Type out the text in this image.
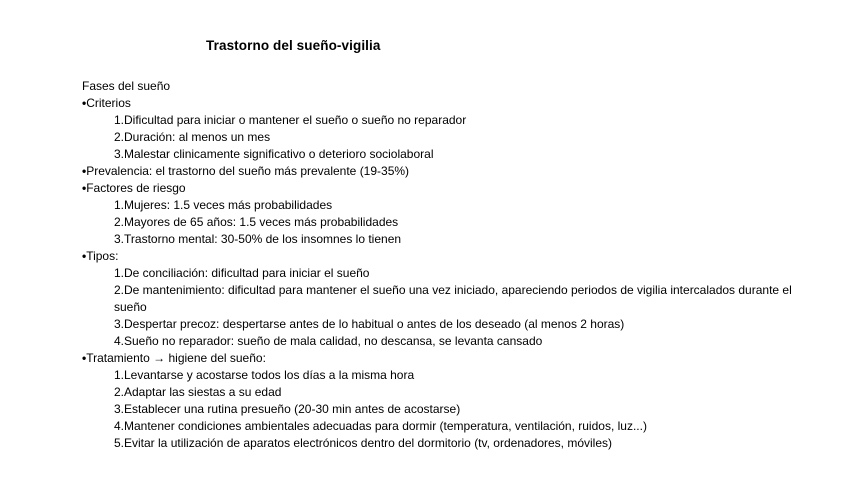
Trastorno del sueño-vigilia
Fases del sueño
•Criterios
1.Dificultad para iniciar o mantener el sueño o sueño no reparador
2.Duración: al menos un mes
3.Malestar clinicamente significativo o deterioro sociolaboral
•Prevalencia: el trastorno del sueño más prevalente (19-35%)
•Factores de riesgo
1.Mujeres: 1.5 veces más probabilidades
2.Mayores de 65 años: 1.5 veces más probabilidades
3.Trastorno mental: 30-50% de los insomnes lo tienen
•Tipos:
1.De conciliación: dificultad para iniciar el sueño
2.De mantenimiento: dificultad para mantener el sueño una vez iniciado, apareciendo periodos de vigilia intercalados durante el sueño
3.Despertar precoz: despertarse antes de lo habitual o antes de los deseado (al menos 2 horas)
4.Sueño no reparador: sueño de mala calidad, no descansa, se levanta cansado
•Tratamiento → higiene del sueño:
1.Levantarse y acostarse todos los días a la misma hora
2.Adaptar las siestas a su edad
3.Establecer una rutina presueño (20-30 min antes de acostarse)
4.Mantener condiciones ambientales adecuadas para dormir (temperatura, ventilación, ruidos, luz...)
5.Evitar la utilización de aparatos electrónicos dentro del dormitorio (tv, ordenadores, móviles)
